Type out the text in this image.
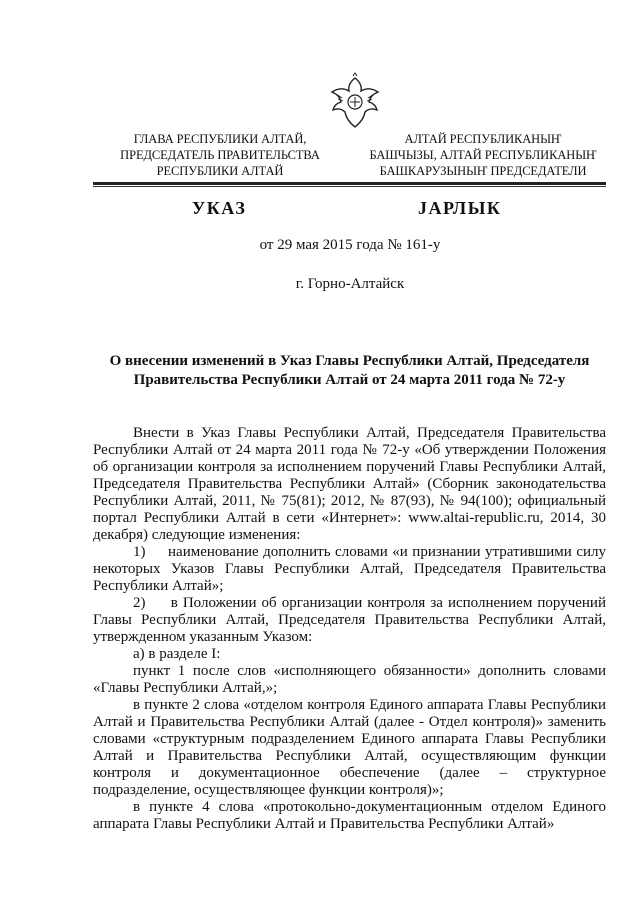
ГЛАВА РЕСПУБЛИКИ АЛТАЙ,
ПРЕДСЕДАТЕЛЬ ПРАВИТЕЛЬСТВА
РЕСПУБЛИКИ АЛТАЙ
АЛТАЙ РЕСПУБЛИКАНЫҤ
БАШЧЫЗЫ, АЛТАЙ РЕСПУБЛИКАНЫҤ
БАШКАРУЗЫНЫҤ ПРЕДСЕДАТЕЛИ
УКАЗ	JАРЛЫК
от 29 мая 2015 года № 161-у
г. Горно-Алтайск
О внесении изменений в Указ Главы Республики Алтай, Председателя
Правительства Республики Алтай от 24 марта 2011 года № 72-у

Внести в Указ Главы Республики Алтай, Председателя Правительства Республики Алтай от 24 марта 2011 года № 72-у «Об утверждении Положения об организации контроля за исполнением поручений Главы Республики Алтай, Председателя Правительства Республики Алтай» (Сборник законодательства Республики Алтай, 2011, № 75(81); 2012, № 87(93), № 94(100); официальный портал Республики Алтай в сети «Интернет»: www.altai-republic.ru, 2014, 30 декабря) следующие изменения:

1)     наименование дополнить словами «и признании утратившими силу некоторых Указов Главы Республики Алтай, Председателя Правительства Республики Алтай»;

2)     в Положении об организации контроля за исполнением поручений Главы Республики Алтай, Председателя Правительства Республики Алтай, утвержденном указанным Указом:

а) в разделе I:

пункт 1 после слов «исполняющего обязанности» дополнить словами «Главы Республики Алтай,»;

в пункте 2 слова «отделом контроля Единого аппарата Главы Республики Алтай и Правительства Республики Алтай (далее - Отдел контроля)» заменить словами «структурным подразделением Единого аппарата Главы Республики Алтай и Правительства Республики Алтай, осуществляющим функции контроля и документационное обеспечение (далее – структурное подразделение, осуществляющее функции контроля)»;

в пункте 4 слова «протокольно-документационным отделом Единого аппарата Главы Республики Алтай и Правительства Республики Алтай»
